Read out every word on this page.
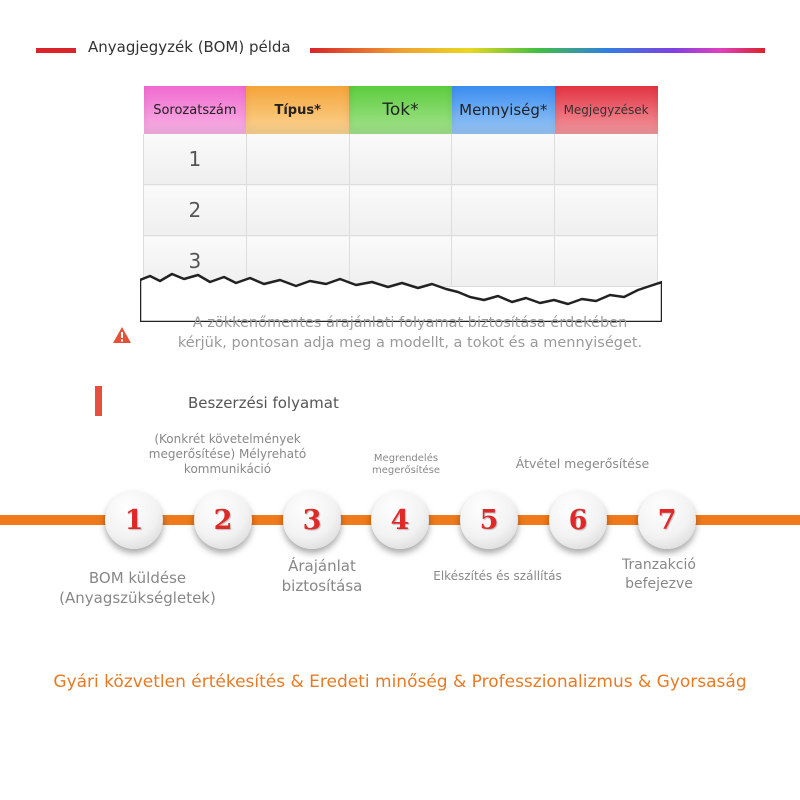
Anyagjegyzék (BOM) példa
Sorozatszám	Típus*	Tok*	Mennyiség*	Megjegyzések
1				
2				
3				
A zökkenőmentes árajánlati folyamat biztosítása érdekében
kérjük, pontosan adja meg a modellt, a tokot és a mennyiséget.
Beszerzési folyamat
(Konkrét követelmények megerősítése) Mélyreható kommunikáció
Megrendelés megerősítése	Átvétel megerősítése
1	2	3	4	5	6	7
BOM küldése (Anyagszükségletek)
Árajánlat biztosítása
Elkészítés és szállítás
Tranzakció befejezve
Gyári közvetlen értékesítés & Eredeti minőség & Professzionalizmus & Gyorsaság
